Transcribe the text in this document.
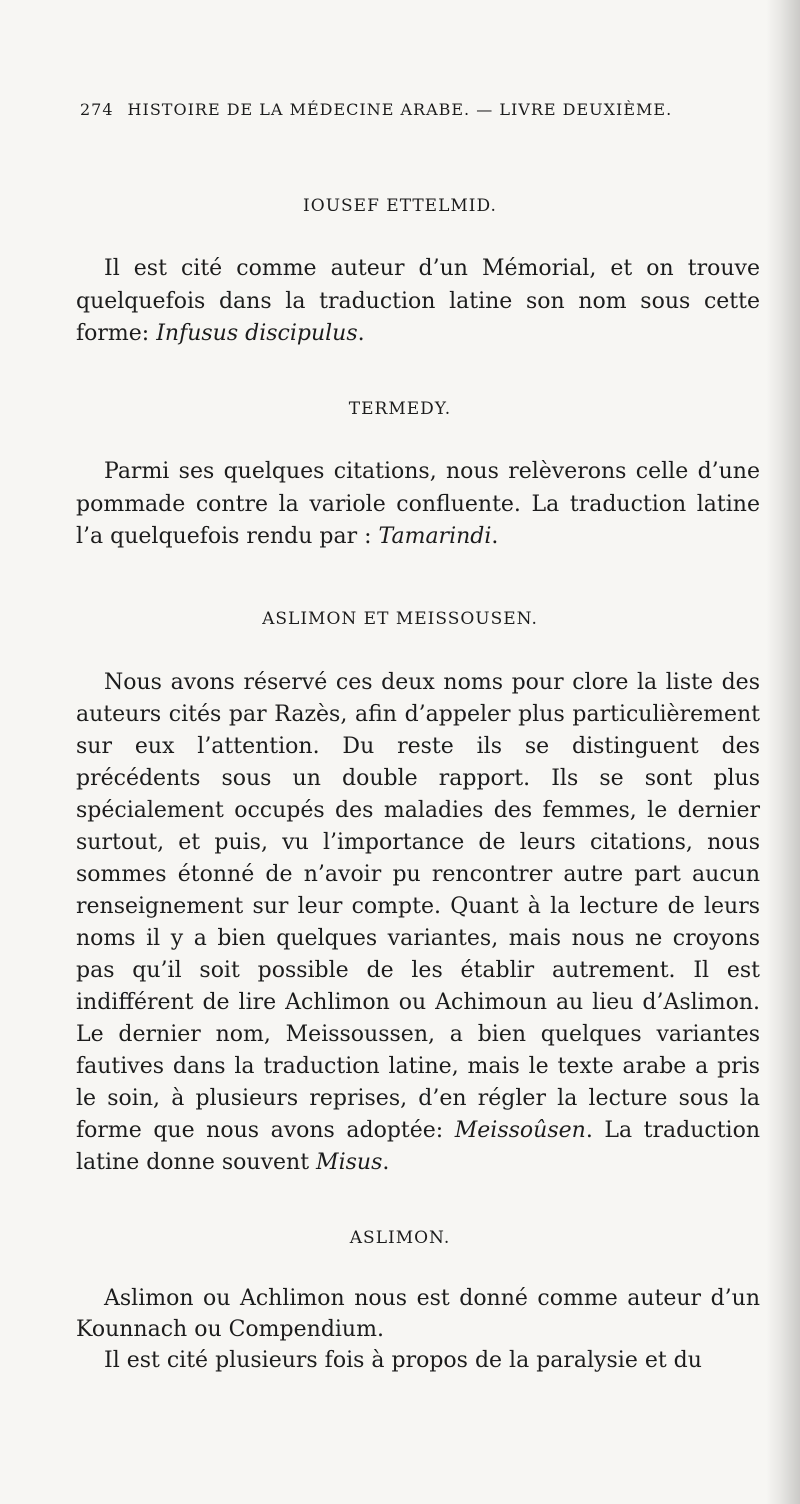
274 HISTOIRE DE LA MÉDECINE ARABE. — LIVRE DEUXIÈME.
IOUSEF ETTELMID.

Il est cité comme auteur d’un Mémorial, et on trouve quelquefois dans la traduction latine son nom sous cette forme: Infusus discipulus.

TERMEDY.

Parmi ses quelques citations, nous relèverons celle d’une pommade contre la variole confluente. La traduction latine l’a quelquefois rendu par : Tamarindi.

ASLIMON ET MEISSOUSEN.

Nous avons réservé ces deux noms pour clore la liste des auteurs cités par Razès, afin d’appeler plus particulièrement sur eux l’attention. Du reste ils se distinguent des précédents sous un double rapport. Ils se sont plus spécialement occupés des maladies des femmes, le dernier surtout, et puis, vu l’importance de leurs citations, nous sommes étonné de n’avoir pu rencontrer autre part aucun renseignement sur leur compte. Quant à la lecture de leurs noms il y a bien quelques variantes, mais nous ne croyons pas qu’il soit possible de les établir autrement. Il est indifférent de lire Achlimon ou Achimoun au lieu d’Aslimon. Le dernier nom, Meissoussen, a bien quelques variantes fautives dans la traduction latine, mais le texte arabe a pris le soin, à plusieurs reprises, d’en régler la lecture sous la forme que nous avons adoptée: Meissoûsen. La traduction latine donne souvent Misus.

ASLIMON.

Aslimon ou Achlimon nous est donné comme auteur d’un Kounnach ou Compendium.

Il est cité plusieurs fois à propos de la paralysie et du
